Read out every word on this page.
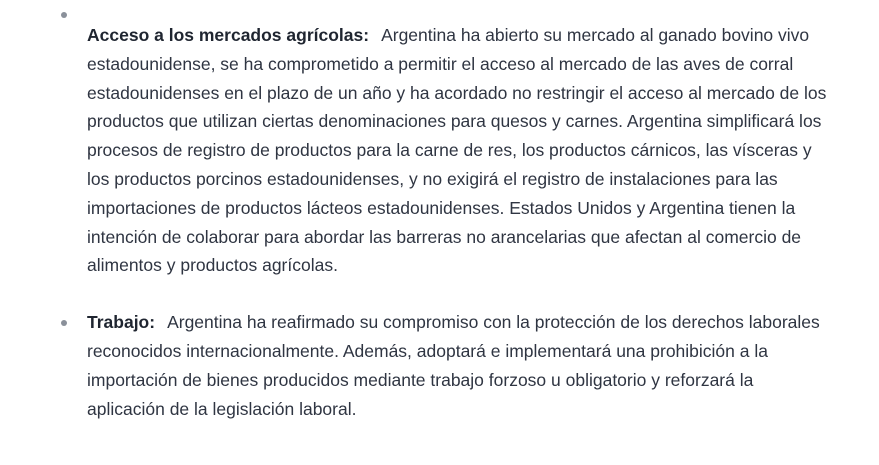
Acceso a los mercados agrícolas: Argentina ha abierto su mercado al ganado bovino vivo estadounidense, se ha comprometido a permitir el acceso al mercado de las aves de corral estadounidenses en el plazo de un año y ha acordado no restringir el acceso al mercado de los productos que utilizan ciertas denominaciones para quesos y carnes. Argentina simplificará los procesos de registro de productos para la carne de res, los productos cárnicos, las vísceras y los productos porcinos estadounidenses, y no exigirá el registro de instalaciones para las importaciones de productos lácteos estadounidenses. Estados Unidos y Argentina tienen la intención de colaborar para abordar las barreras no arancelarias que afectan al comercio de alimentos y productos agrícolas.
Trabajo: Argentina ha reafirmado su compromiso con la protección de los derechos laborales reconocidos internacionalmente. Además, adoptará e implementará una prohibición a la importación de bienes producidos mediante trabajo forzoso u obligatorio y reforzará la aplicación de la legislación laboral.
